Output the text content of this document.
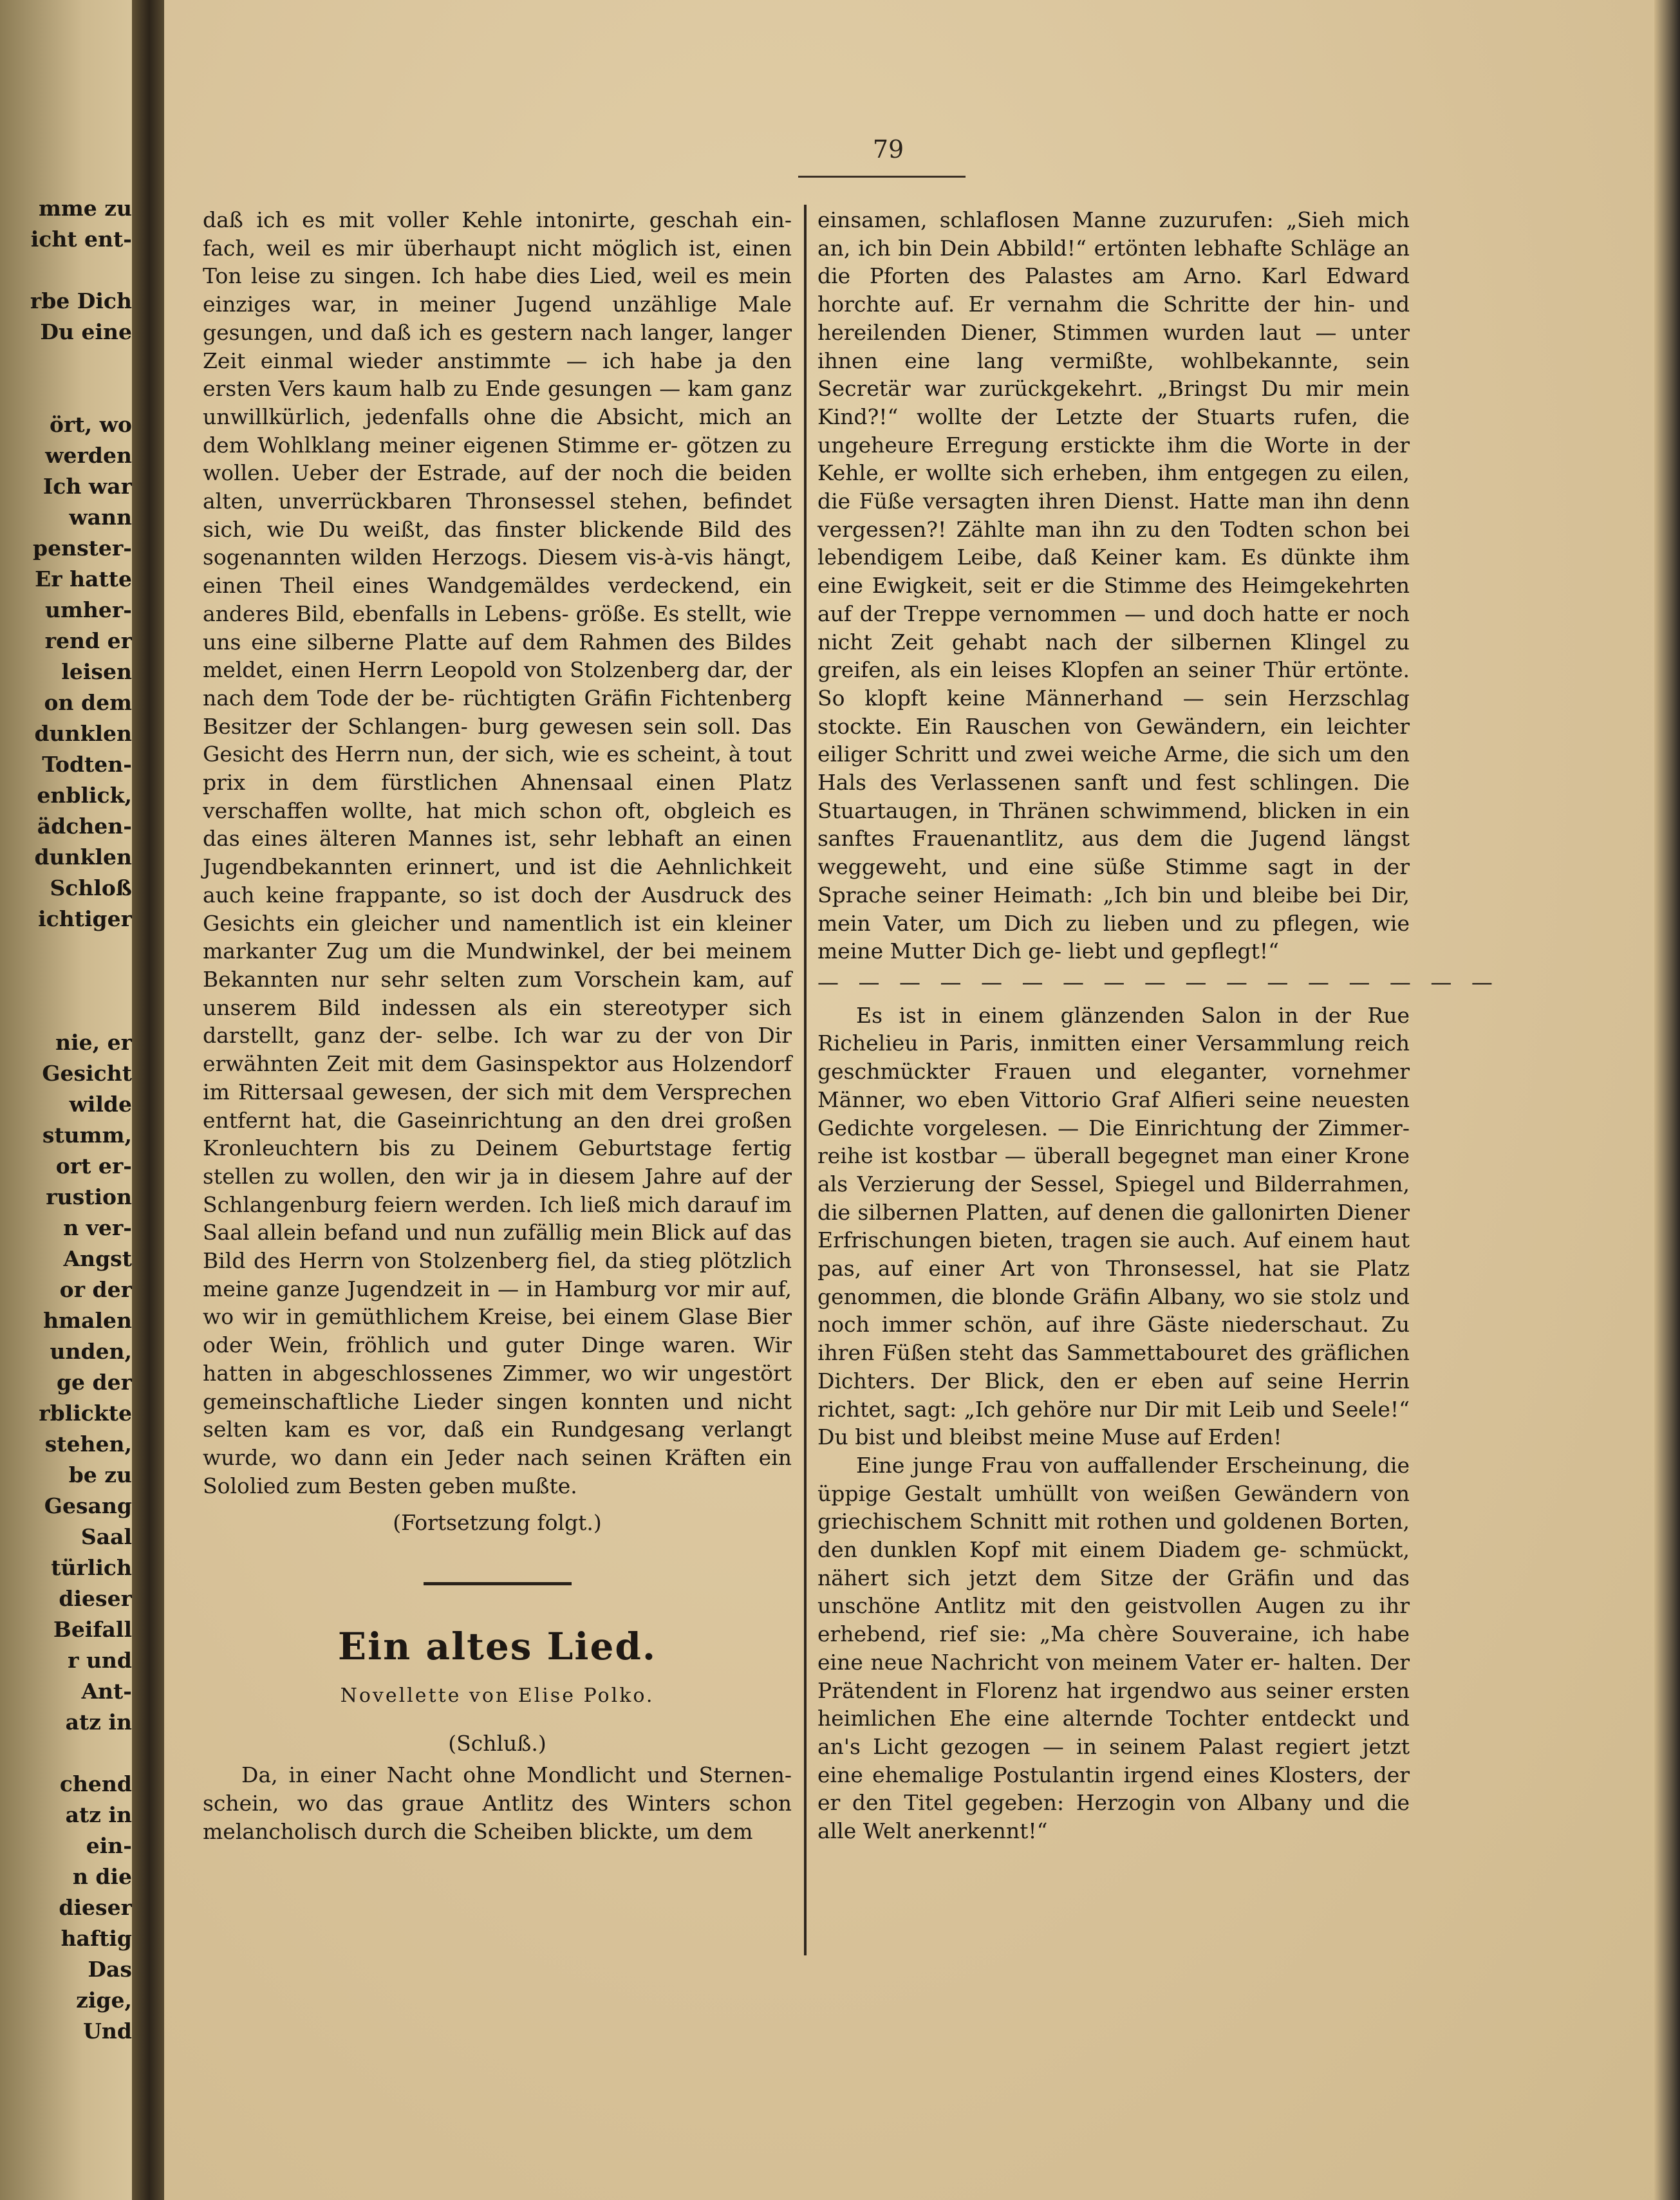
mme zu
icht ent-

rbe Dich
Du eine

ört, wo
werden
Ich war
wann
penster-
Er hatte
umher-
rend er
leisen
on dem
dunklen
Todten-
enblick,
ädchen-
dunklen
Schloß
ichtiger

nie, er
Gesicht
wilde
stumm,
ort er-
rustion
n ver-
Angst
or der
hmalen
unden,
ge der
rblickte
stehen,
be zu
Gesang
Saal
türlich
dieser
Beifall
r und
Ant-
atz in

chend
atz in
ein-
n die
dieser
haftig
Das
zige,
Und
79

daß ich es mit voller Kehle intonirte, geschah ein- fach, weil es mir überhaupt nicht möglich ist, einen Ton leise zu singen. Ich habe dies Lied, weil es mein einziges war, in meiner Jugend unzählige Male gesungen, und daß ich es gestern nach langer, langer Zeit einmal wieder anstimmte — ich habe ja den ersten Vers kaum halb zu Ende gesungen — kam ganz unwillkürlich, jedenfalls ohne die Absicht, mich an dem Wohlklang meiner eigenen Stimme er- götzen zu wollen. Ueber der Estrade, auf der noch die beiden alten, unverrückbaren Thronsessel stehen, befindet sich, wie Du weißt, das finster blickende Bild des sogenannten wilden Herzogs. Diesem vis-à-vis hängt, einen Theil eines Wandgemäldes verdeckend, ein anderes Bild, ebenfalls in Lebens- größe. Es stellt, wie uns eine silberne Platte auf dem Rahmen des Bildes meldet, einen Herrn Leopold von Stolzenberg dar, der nach dem Tode der be- rüchtigten Gräfin Fichtenberg Besitzer der Schlangen- burg gewesen sein soll. Das Gesicht des Herrn nun, der sich, wie es scheint, à tout prix in dem fürstlichen Ahnensaal einen Platz verschaffen wollte, hat mich schon oft, obgleich es das eines älteren Mannes ist, sehr lebhaft an einen Jugendbekannten erinnert, und ist die Aehnlichkeit auch keine frappante, so ist doch der Ausdruck des Gesichts ein gleicher und namentlich ist ein kleiner markanter Zug um die Mundwinkel, der bei meinem Bekannten nur sehr selten zum Vorschein kam, auf unserem Bild indessen als ein stereotyper sich darstellt, ganz der- selbe. Ich war zu der von Dir erwähnten Zeit mit dem Gasinspektor aus Holzendorf im Rittersaal gewesen, der sich mit dem Versprechen entfernt hat, die Gaseinrichtung an den drei großen Kronleuchtern bis zu Deinem Geburtstage fertig stellen zu wollen, den wir ja in diesem Jahre auf der Schlangenburg feiern werden. Ich ließ mich darauf im Saal allein befand und nun zufällig mein Blick auf das Bild des Herrn von Stolzenberg fiel, da stieg plötzlich meine ganze Jugendzeit in — in Hamburg vor mir auf, wo wir in gemüthlichem Kreise, bei einem Glase Bier oder Wein, fröhlich und guter Dinge waren. Wir hatten in abgeschlossenes Zimmer, wo wir ungestört gemeinschaftliche Lieder singen konnten und nicht selten kam es vor, daß ein Rundgesang verlangt wurde, wo dann ein Jeder nach seinen Kräften ein Sololied zum Besten geben mußte.

(Fortsetzung folgt.)

Ein altes Lied.

Novellette von Elise Polko.

(Schluß.)

Da, in einer Nacht ohne Mondlicht und Sternen- schein, wo das graue Antlitz des Winters schon melancholisch durch die Scheiben blickte, um dem

einsamen, schlaflosen Manne zuzurufen: „Sieh mich an, ich bin Dein Abbild!“ ertönten lebhafte Schläge an die Pforten des Palastes am Arno. Karl Edward horchte auf. Er vernahm die Schritte der hin- und hereilenden Diener, Stimmen wurden laut — unter ihnen eine lang vermißte, wohlbekannte, sein Secretär war zurückgekehrt. „Bringst Du mir mein Kind?!“ wollte der Letzte der Stuarts rufen, die ungeheure Erregung erstickte ihm die Worte in der Kehle, er wollte sich erheben, ihm entgegen zu eilen, die Füße versagten ihren Dienst. Hatte man ihn denn vergessen?! Zählte man ihn zu den Todten schon bei lebendigem Leibe, daß Keiner kam. Es dünkte ihm eine Ewigkeit, seit er die Stimme des Heimgekehrten auf der Treppe vernommen — und doch hatte er noch nicht Zeit gehabt nach der silbernen Klingel zu greifen, als ein leises Klopfen an seiner Thür ertönte. So klopft keine Männerhand — sein Herzschlag stockte. Ein Rauschen von Gewändern, ein leichter eiliger Schritt und zwei weiche Arme, die sich um den Hals des Verlassenen sanft und fest schlingen. Die Stuartaugen, in Thränen schwimmend, blicken in ein sanftes Frauenantlitz, aus dem die Jugend längst weggeweht, und eine süße Stimme sagt in der Sprache seiner Heimath: „Ich bin und bleibe bei Dir, mein Vater, um Dich zu lieben und zu pflegen, wie meine Mutter Dich ge- liebt und gepflegt!“

— — — — — — — — — — — — — — — — —

Es ist in einem glänzenden Salon in der Rue Richelieu in Paris, inmitten einer Versammlung reich geschmückter Frauen und eleganter, vornehmer Männer, wo eben Vittorio Graf Alfieri seine neuesten Gedichte vorgelesen. — Die Einrichtung der Zimmer- reihe ist kostbar — überall begegnet man einer Krone als Verzierung der Sessel, Spiegel und Bilderrahmen, die silbernen Platten, auf denen die gallonirten Diener Erfrischungen bieten, tragen sie auch. Auf einem haut pas, auf einer Art von Thronsessel, hat sie Platz genommen, die blonde Gräfin Albany, wo sie stolz und noch immer schön, auf ihre Gäste niederschaut. Zu ihren Füßen steht das Sammettabouret des gräflichen Dichters. Der Blick, den er eben auf seine Herrin richtet, sagt: „Ich gehöre nur Dir mit Leib und Seele!“ Du bist und bleibst meine Muse auf Erden!

Eine junge Frau von auffallender Erscheinung, die üppige Gestalt umhüllt von weißen Gewändern von griechischem Schnitt mit rothen und goldenen Borten, den dunklen Kopf mit einem Diadem ge- schmückt, nähert sich jetzt dem Sitze der Gräfin und das unschöne Antlitz mit den geistvollen Augen zu ihr erhebend, rief sie: „Ma chère Souveraine, ich habe eine neue Nachricht von meinem Vater er- halten. Der Prätendent in Florenz hat irgendwo aus seiner ersten heimlichen Ehe eine alternde Tochter entdeckt und an's Licht gezogen — in seinem Palast regiert jetzt eine ehemalige Postulantin irgend eines Klosters, der er den Titel gegeben: Herzogin von Albany und die alle Welt anerkennt!“
